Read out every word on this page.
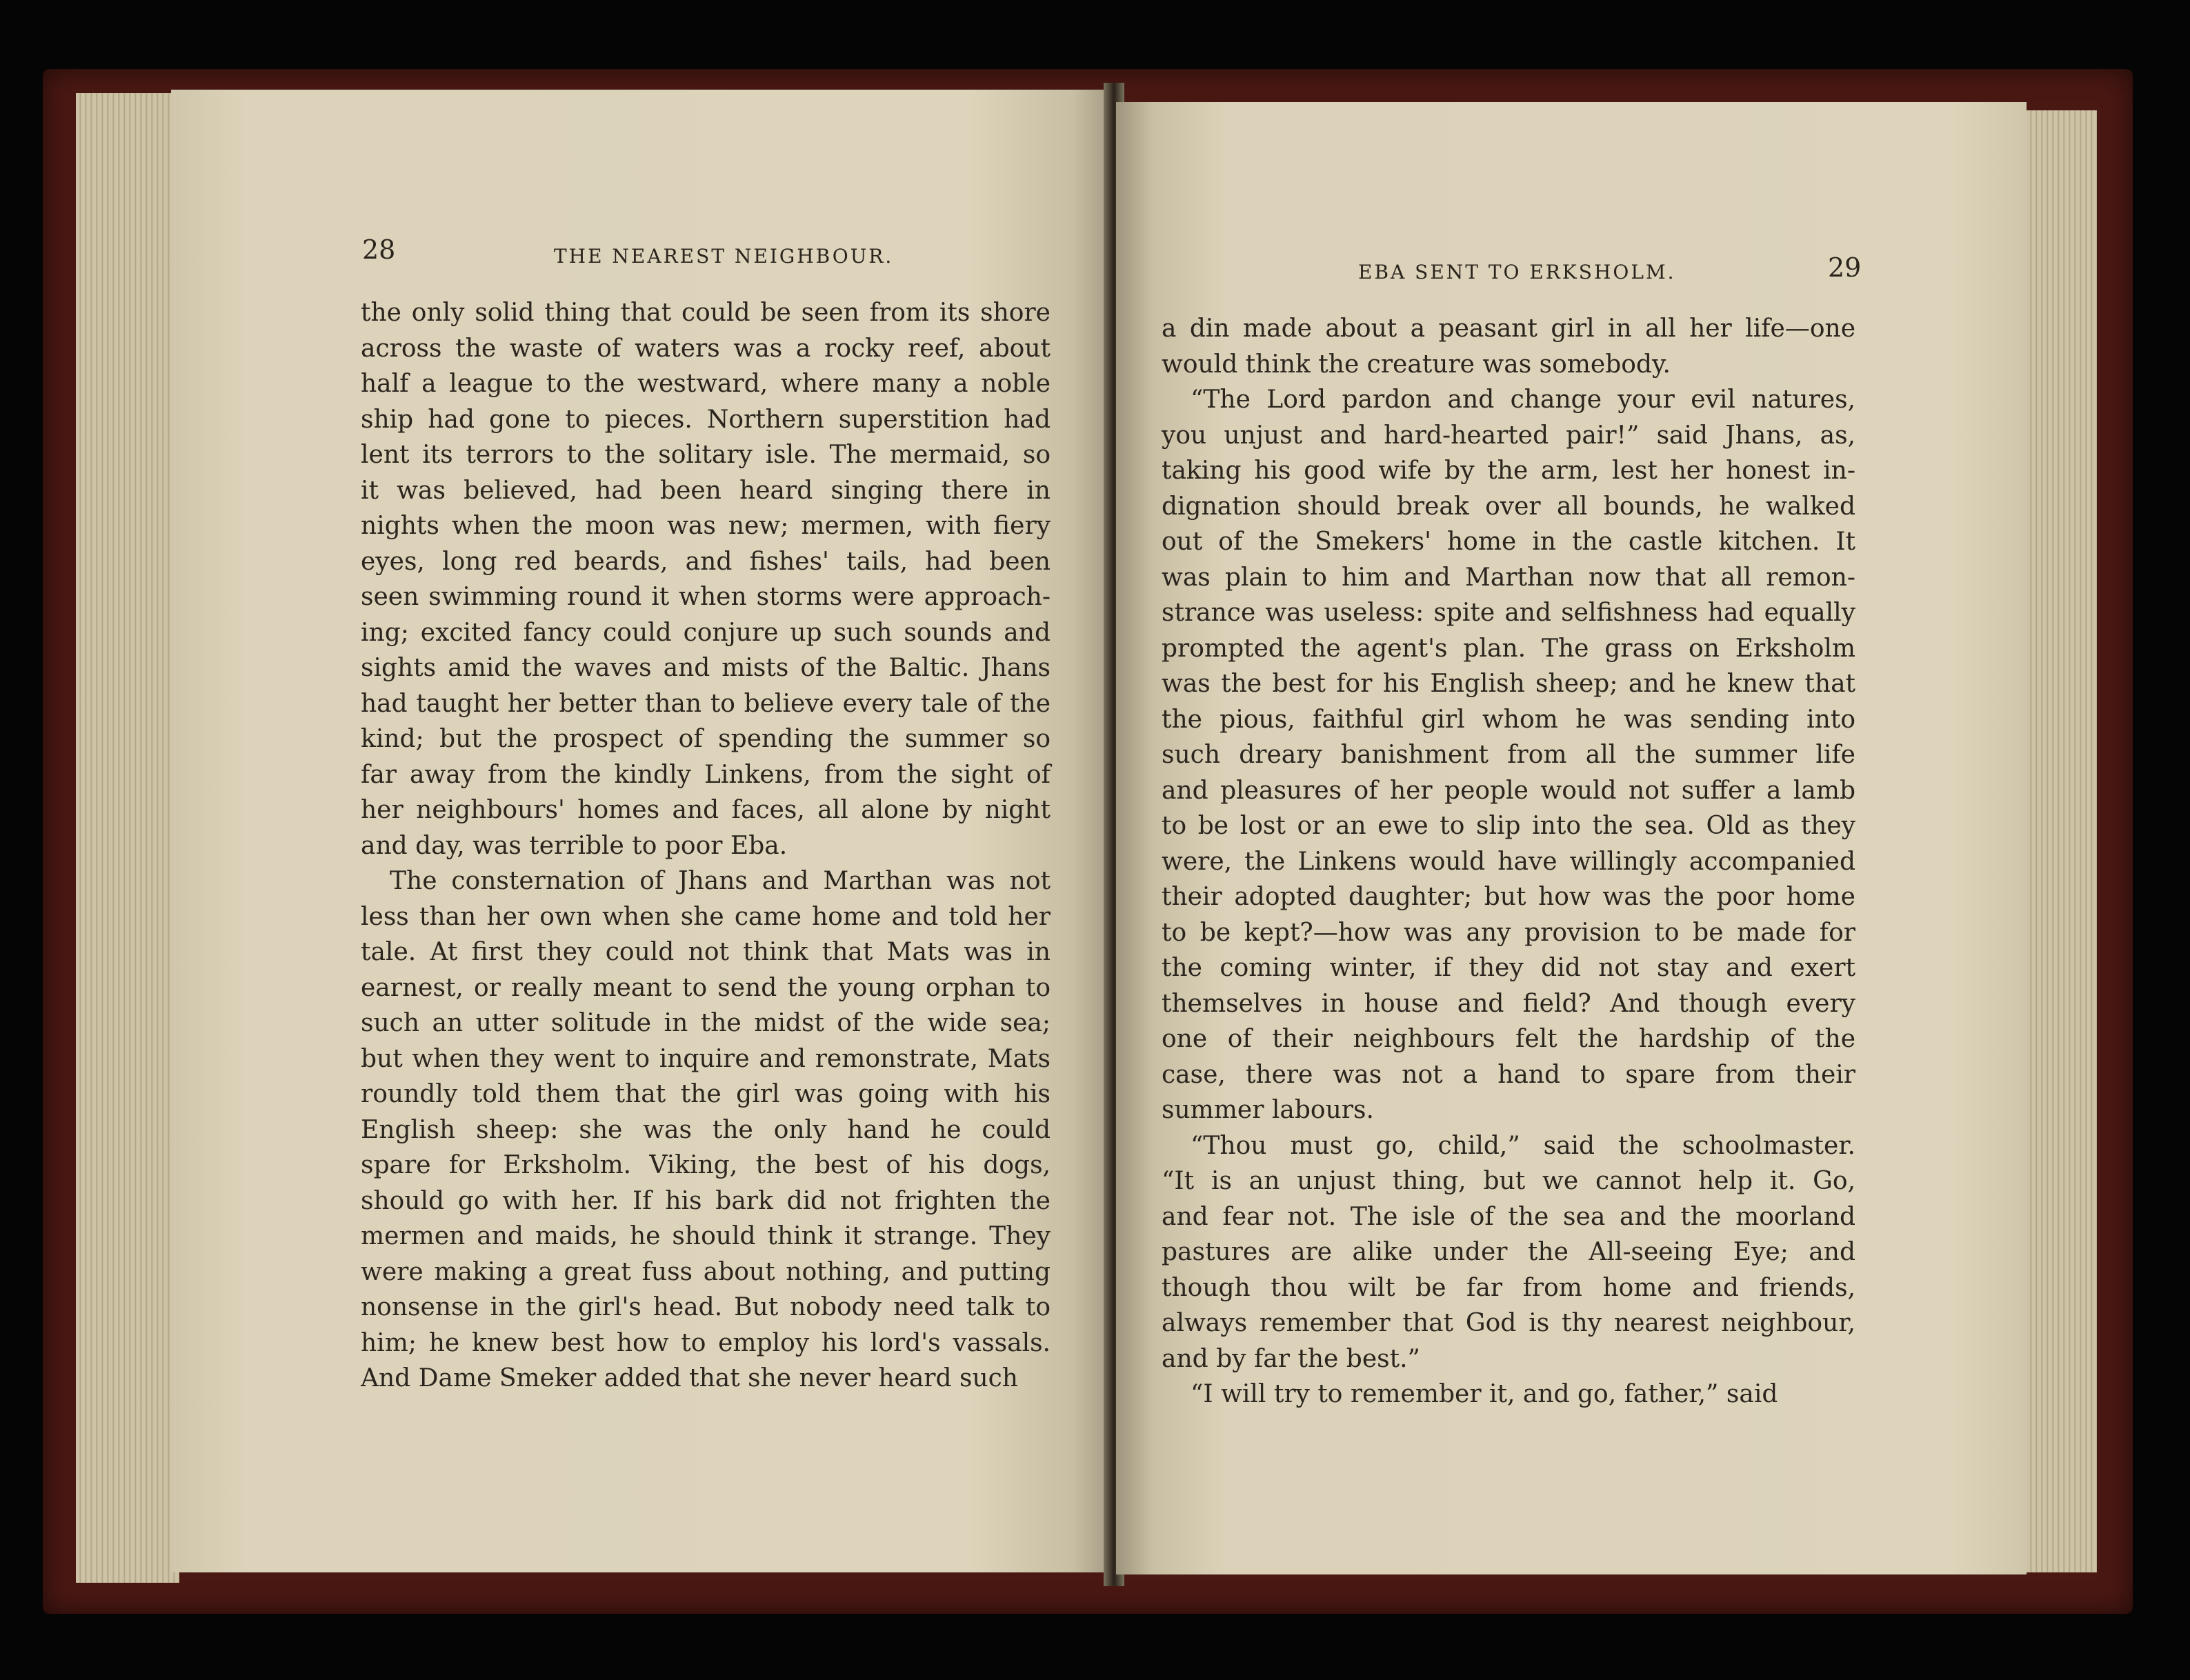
28	THE NEAREST NEIGHBOUR.
the only solid thing that could be seen from its shore
across the waste of waters was a rocky reef, about
half a league to the westward, where many a noble
ship had gone to pieces. Northern superstition had
lent its terrors to the solitary isle. The mermaid, so
it was believed, had been heard singing there in
nights when the moon was new; mermen, with fiery
eyes, long red beards, and fishes' tails, had been
seen swimming round it when storms were approach-
ing; excited fancy could conjure up such sounds and
sights amid the waves and mists of the Baltic. Jhans
had taught her better than to believe every tale of the
kind; but the prospect of spending the summer so
far away from the kindly Linkens, from the sight of
her neighbours' homes and faces, all alone by night
and day, was terrible to poor Eba.
The consternation of Jhans and Marthan was not
less than her own when she came home and told her
tale. At first they could not think that Mats was in
earnest, or really meant to send the young orphan to
such an utter solitude in the midst of the wide sea;
but when they went to inquire and remonstrate, Mats
roundly told them that the girl was going with his
English sheep: she was the only hand he could
spare for Erksholm. Viking, the best of his dogs,
should go with her. If his bark did not frighten the
mermen and maids, he should think it strange. They
were making a great fuss about nothing, and putting
nonsense in the girl's head. But nobody need talk to
him; he knew best how to employ his lord's vassals.
And Dame Smeker added that she never heard such
EBA SENT TO ERKSHOLM.	29
a din made about a peasant girl in all her life—one
would think the creature was somebody.
“The Lord pardon and change your evil natures,
you unjust and hard-hearted pair!” said Jhans, as,
taking his good wife by the arm, lest her honest in-
dignation should break over all bounds, he walked
out of the Smekers' home in the castle kitchen. It
was plain to him and Marthan now that all remon-
strance was useless: spite and selfishness had equally
prompted the agent's plan. The grass on Erksholm
was the best for his English sheep; and he knew that
the pious, faithful girl whom he was sending into
such dreary banishment from all the summer life
and pleasures of her people would not suffer a lamb
to be lost or an ewe to slip into the sea. Old as they
were, the Linkens would have willingly accompanied
their adopted daughter; but how was the poor home
to be kept?—how was any provision to be made for
the coming winter, if they did not stay and exert
themselves in house and field? And though every
one of their neighbours felt the hardship of the
case, there was not a hand to spare from their
summer labours.
“Thou must go, child,” said the schoolmaster.
“It is an unjust thing, but we cannot help it. Go,
and fear not. The isle of the sea and the moorland
pastures are alike under the All-seeing Eye; and
though thou wilt be far from home and friends,
always remember that God is thy nearest neighbour,
and by far the best.”
“I will try to remember it, and go, father,” said
